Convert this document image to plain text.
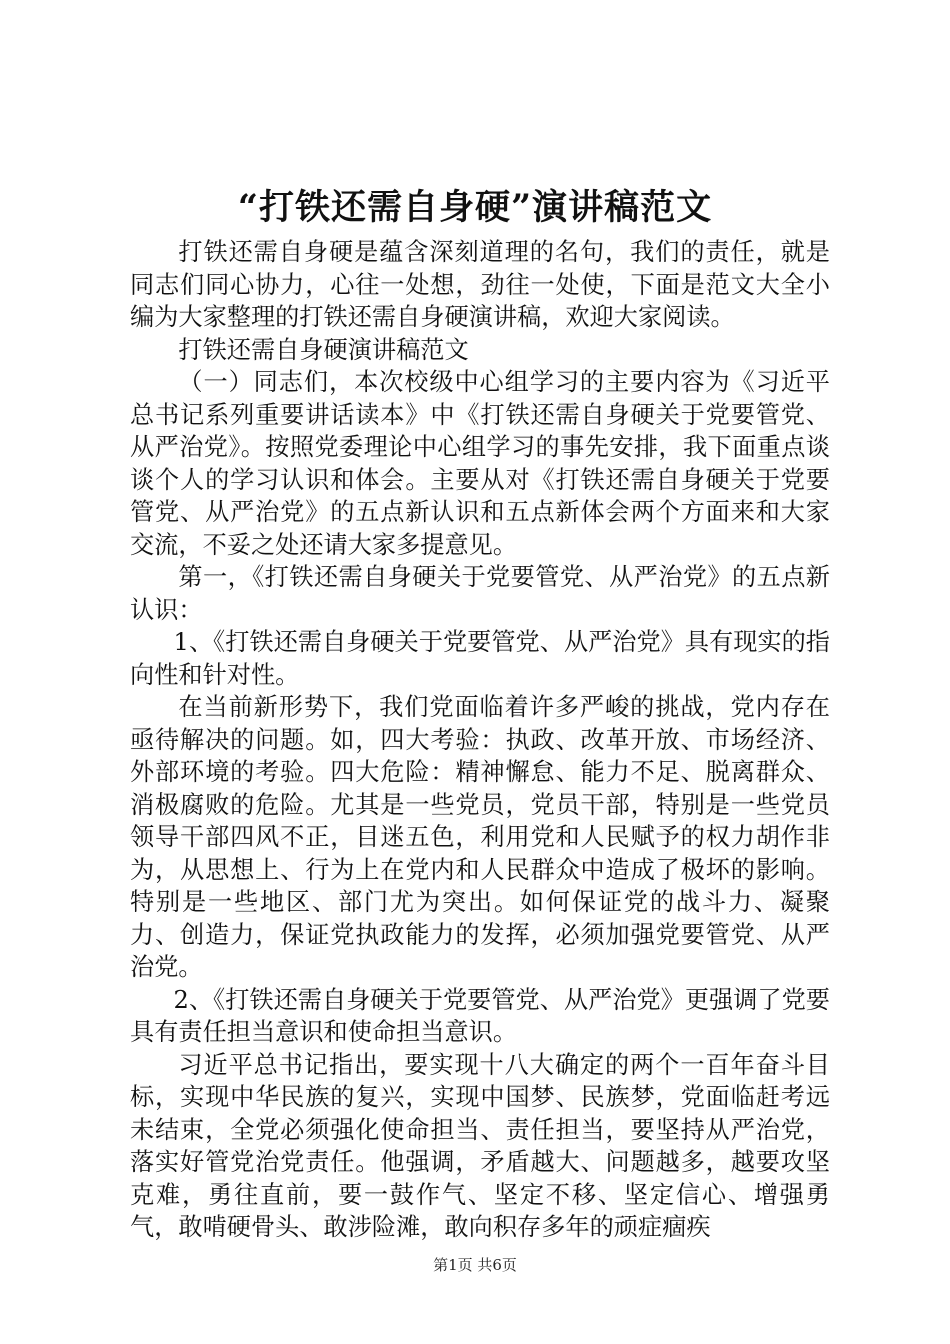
“打铁还需自身硬”演讲稿范文

打铁还需自身硬是蕴含深刻道理的名句，我们的责任，就是同志们同心协力，心往一处想，劲往一处使，下面是范文大全小编为大家整理的打铁还需自身硬演讲稿，欢迎大家阅读。

打铁还需自身硬演讲稿范文

（一）同志们，本次校级中心组学习的主要内容为《习近平总书记系列重要讲话读本》中《打铁还需自身硬关于党要管党、从严治党》。按照党委理论中心组学习的事先安排，我下面重点谈谈个人的学习认识和体会。主要从对《打铁还需自身硬关于党要管党、从严治党》的五点新认识和五点新体会两个方面来和大家交流，不妥之处还请大家多提意见。

第一，《打铁还需自身硬关于党要管党、从严治党》的五点新认识：

1、《打铁还需自身硬关于党要管党、从严治党》具有现实的指向性和针对性。

在当前新形势下，我们党面临着许多严峻的挑战，党内存在亟待解决的问题。如，四大考验：执政、改革开放、市场经济、外部环境的考验。四大危险：精神懈怠、能力不足、脱离群众、消极腐败的危险。尤其是一些党员，党员干部，特别是一些党员领导干部四风不正，目迷五色，利用党和人民赋予的权力胡作非为，从思想上、行为上在党内和人民群众中造成了极坏的影响。特别是一些地区、部门尤为突出。如何保证党的战斗力、凝聚力、创造力，保证党执政能力的发挥，必须加强党要管党、从严治党。

2、《打铁还需自身硬关于党要管党、从严治党》更强调了党要具有责任担当意识和使命担当意识。

习近平总书记指出，要实现十八大确定的两个一百年奋斗目标，实现中华民族的复兴，实现中国梦、民族梦，党面临赶考远未结束，全党必须强化使命担当、责任担当，要坚持从严治党，落实好管党治党责任。他强调，矛盾越大、问题越多，越要攻坚克难，勇往直前，要一鼓作气、坚定不移、坚定信心、增强勇气，敢啃硬骨头、敢涉险滩，敢向积存多年的顽症痼疾

第1页 共6页
